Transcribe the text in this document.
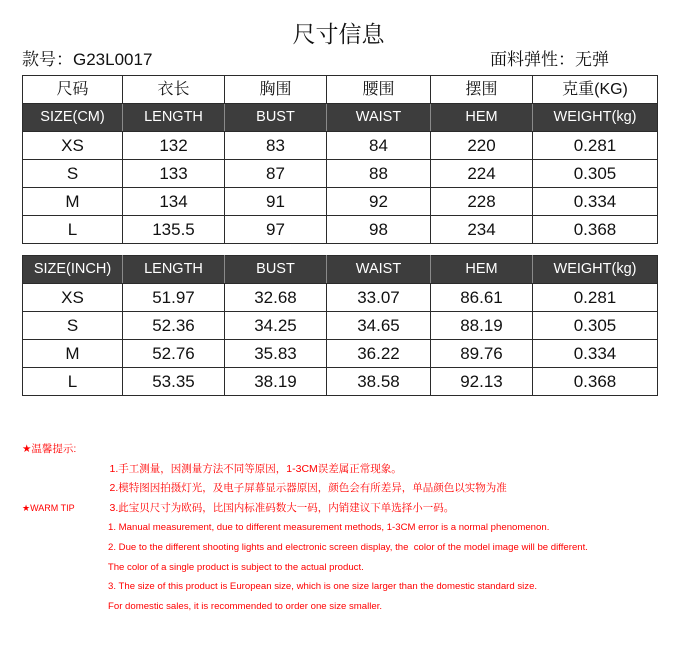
尺寸信息
款号：G23L0017	面料弹性：无弹
尺码	衣长	胸围	腰围	摆围	克重(KG)
SIZE(CM)	LENGTH	BUST	WAIST	HEM	WEIGHT(kg)
XS	132	83	84	220	0.281
S	133	87	88	224	0.305
M	134	91	92	228	0.334
L	135.5	97	98	234	0.368
SIZE(INCH)	LENGTH	BUST	WAIST	HEM	WEIGHT(kg)
XS	51.97	32.68	33.07	86.61	0.281
S	52.36	34.25	34.65	88.19	0.305
M	52.76	35.83	36.22	89.76	0.334
L	53.35	38.19	38.58	92.13	0.368

★温馨提示:
1.手工测量，因测量方法不同等原因，1-3CM误差属正常现象。

2.模特图因拍摄灯光，及电子屏幕显示器原因，颜色会有所差异，单品颜色以实物为准

3.此宝贝尺寸为欧码，比国内标准码数大一码，内销建议下单选择小一码。

★WARM TIP
1. Manual measurement, due to different measurement methods, 1-3CM error is a normal phenomenon.

2. Due to the different shooting lights and electronic screen display, the  color of the model image will be different.

The color of a single product is subject to the actual product.

3. The size of this product is European size, which is one size larger than the domestic standard size.

For domestic sales, it is recommended to order one size smaller.
